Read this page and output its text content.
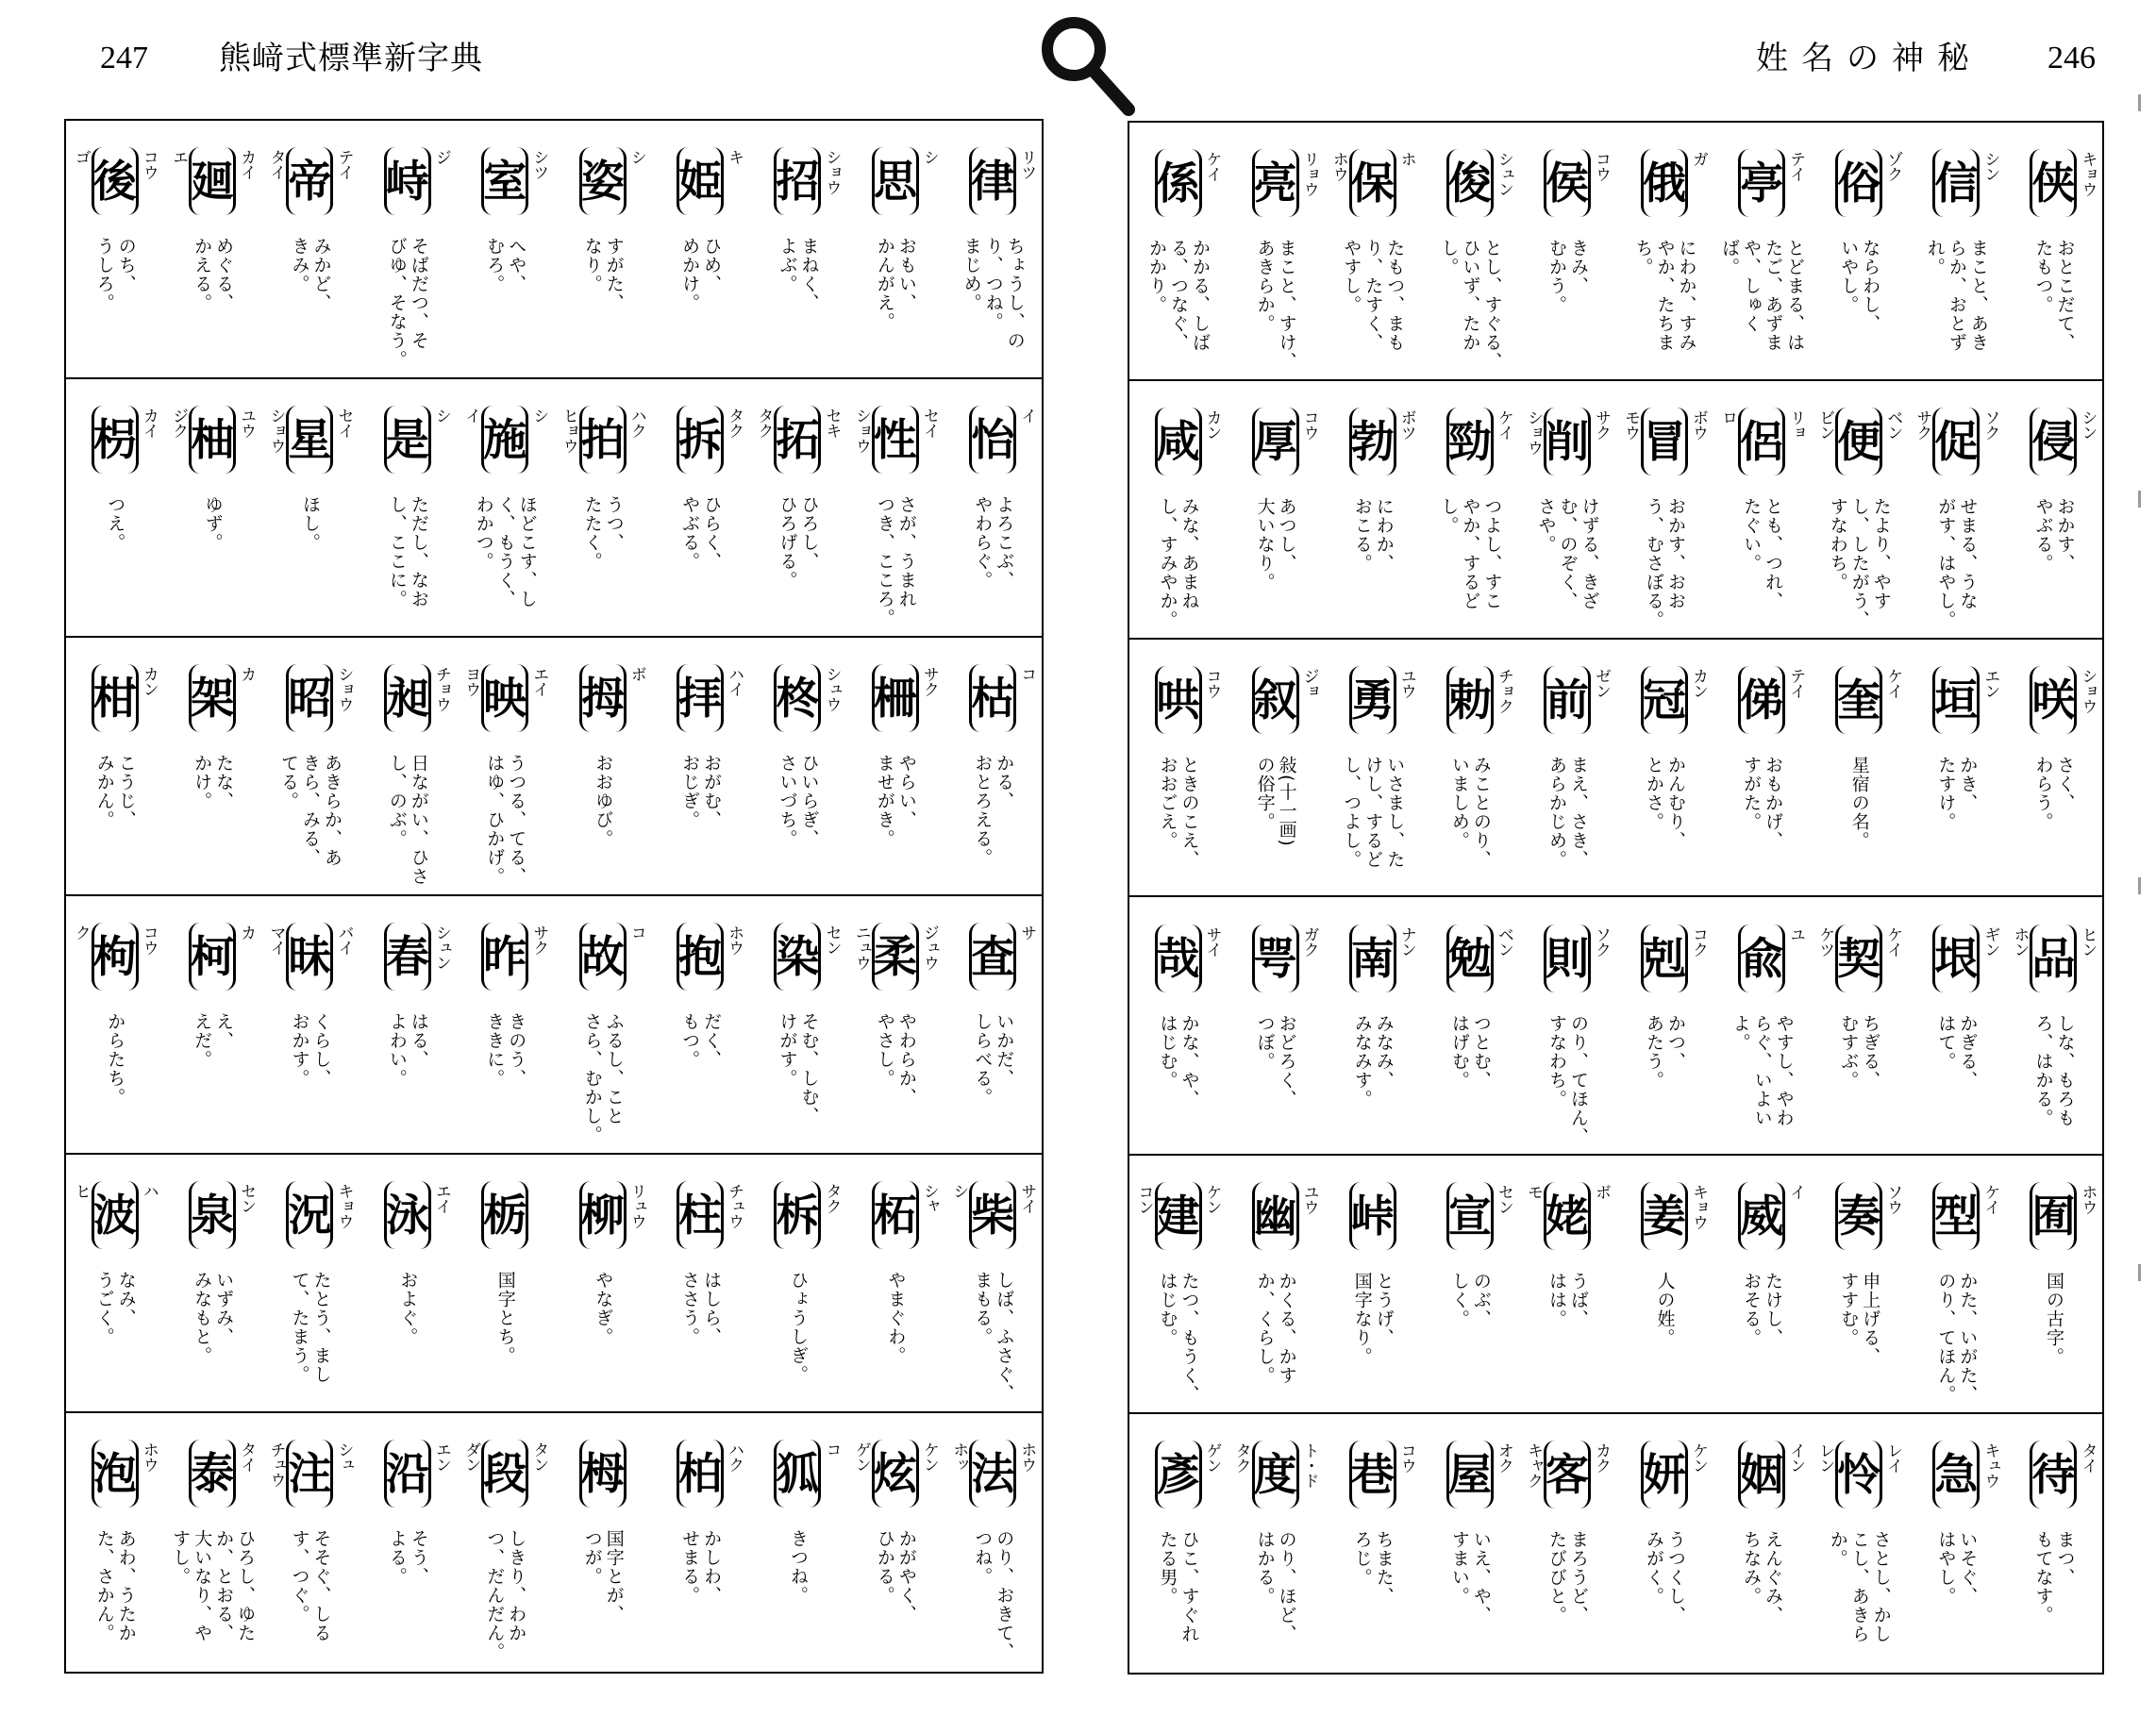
247 熊﨑式標準新字典	姓名の神秘 246
律 リツ
ちょうし、の
り、つね。
まじめ。
思 シ
おもい、
かんがえ。
招 ショウ
まねく、
よぶ。
姫 キ
ひめ、
めかけ。
姿 シ
すがた、
なり。
室 シツ
へや、
むろ。
峙 ジ
そばだつ、そ
びゆ、そなう。
帝 テイ
タイ
みかど、
きみ。
廻 カイ
エ
めぐる、
かえる。
後 コウ
ゴ
のち、
うしろ。
怡 イ
よろこぶ、
やわらぐ。
性 セイ
ショウ
さが、うまれ
つき、こころ。
拓 セキ
タク
ひろし、
ひろげる。
拆 タク
ひらく、
やぶる。
拍 ハク
ヒョウ
うつ、
たたく。
施 シ
イ
ほどこす、し
く、もうく、
わかつ。
是 シ
ただし、なお
し、ここに。
星 セイ
ショウ
ほし。
柚 ユウ
ジク
ゆず。
枴 カイ
つえ。
枯 コ
かる、
おとろえる。
柵 サク
やらい、
ませがき。
柊 シュウ
ひいらぎ、
さいづち。
拝 ハイ
おがむ、
おじぎ。
拇 ボ
おおゆび。
映 エイ
ヨウ
うつる、てる、
はゆ、ひかげ。
昶 チョウ
日ながい、ひさ
し、のぶ。
昭 ショウ
あきらか、あ
きら、みる、
てる。
架 カ
たな、
かけ。
柑 カン
こうじ、
みかん。
査 サ
いかだ、
しらべる。
柔 ジュウ
ニュウ
やわらか、
やさし。
染 セン
そむ、しむ、
けがす。
抱 ホウ
だく、
もつ。
故 コ
ふるし、こと
さら、むかし。
昨 サク
きのう、
ききに。
春 シュン
はる、
よわい。
昧 バイ
マイ
くらし、
おかす。
柯 カ
え、
えだ。
枸 コウ
ク
からたち。
柴 サイ
シ
しば、ふさぐ、
まもる。
柘 シャ
やまぐわ。
柝 タク
ひょうしぎ。
柱 チュウ
はしら、
ささう。
柳 リュウ
やなぎ。
栃
国字とち。
泳 エイ
およぐ。
況 キョウ
たとう、まし
て、たまう。
泉 セン
いずみ、
みなもと。
波 ハ
ヒ
なみ、
うごく。
法 ホウ
ホッ
のり、おきて、
つね。
炫 ケン
ゲン
かがやく、
ひかる。
狐 コ
きつね。
柏 ハク
かしわ、
せまる。
栂
国字とが、
つが。
段 タン
ダン
しきり、わか
つ、だんだん。
沿 エン
そう、
よる。
注 シュ
チュウ
そそぐ、しる
す、つぐ。
泰 タイ
ひろし、ゆた
か、とおる、
大いなり、や
すし。
泡 ホウ
あわ、うたか
た、さかん。
侠 キョウ
おとこだて、
たもつ。
信 シン
まこと、あき
らか、おとず
れ。
俗 ゾク
ならわし、
いやし。
亭 テイ
とどまる、は
たご、あずま
や、しゅく
ば。
俄 ガ
にわか、すみ
やか、たちま
ち。
侯 コウ
きみ、
むかう。
俊 シュン
とし、すぐる、
ひいず、たか
し。
保 ホ
ホウ
たもつ、まも
り、たすく、
やすし。
亮 リョウ
まこと、すけ、
あきらか。
係 ケイ
かかる、しば
る、つなぐ、
かかり。
侵 シン
おかす、
やぶる。
促 ソク
サク
せまる、うな
がす、はやし。
便 ベン
ビン
たより、やす
し、したがう、
すなわち。
侶 リョ
ロ
とも、つれ、
たぐい。
冒 ボウ
モウ
おかす、おお
う、むさぼる。
削 サク
ショウ
けずる、きざ
む、のぞく、
さや。
勁 ケイ
つよし、すこ
やか、するど
し。
勃 ボツ
にわか、
おこる。
厚 コウ
あつし、
大いなり。
咸 カン
みな、あまね
し、すみやか。
咲 ショウ
さく、
わらう。
垣 エン
かき、
たすけ。
奎 ケイ
星宿の名。
俤 テイ
おもかげ、
すがた。
冠 カン
かんむり、
とかさ。
前 ゼン
まえ、さき、
あらかじめ。
勅 チョク
みことのり、
いましめ。
勇 ユウ
いさまし、た
けし、するど
し、つよし。
叙 ジョ
敍(十一画)
の俗字。
哄 コウ
ときのこえ、
おおごえ。
品 ヒン
ホン
しな、もろも
ろ、はかる。
垠 ギン
かぎる、
はて。
契 ケイ
ケツ
ちぎる、
むすぶ。
兪 ユ
やすし、やわ
らぐ、いよい
よ。
剋 コク
かつ、
あたう。
則 ソク
のり、てほん、
すなわち。
勉 ベン
つとむ、
はげむ。
南 ナン
みなみ、
みなみす。
咢 ガク
おどろく、
つぼ。
哉 サイ
かな、や、
はじむ。
囿 ホウ
国の古字。
型 ケイ
かた、いがた、
のり、てほん。
奏 ソウ
申上げる、
すすむ。
威 イ
たけし、
おそる。
姜 キョウ
人の姓。
姥 ボ
モ
うば、
はは。
宣 セン
のぶ、
しく。
峠
とうげ、
国字なり。
幽 ユウ
かくる、かす
か、くらし。
建 ケン
コン
たつ、もうく、
はじむ。
待 タイ
まつ、
もてなす。
急 キュウ
いそぐ、
はやし。
怜 レイ
レン
さとし、かし
こし、あきら
か。
姻 イン
えんぐみ、
ちなみ。
妍 ケン
うつくし、
みがく。
客 カク
キャク
まろうど、
たびびと。
屋 オク
いえ、や、
すまい。
巷 コウ
ちまた、
ろじ。
度 ト・ド
タク
のり、ほど、
はかる。
彥 ゲン
ひこ、すぐれ
たる男。
